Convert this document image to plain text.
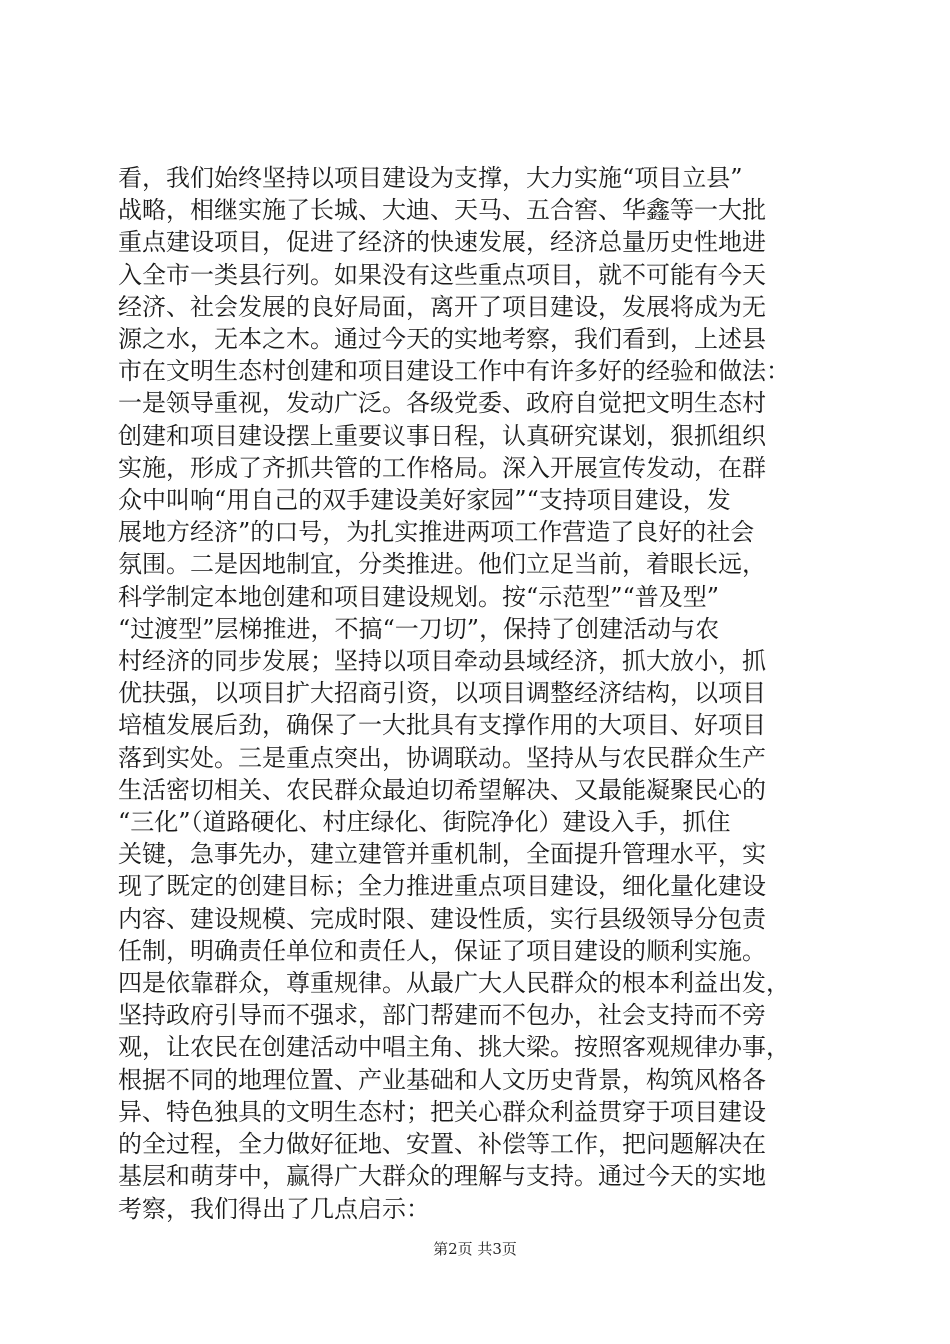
看，我们始终坚持以项目建设为支撑，大力实施“项目立县”
战略，相继实施了长城、大迪、天马、五合窖、华鑫等一大批
重点建设项目，促进了经济的快速发展，经济总量历史性地进
入全市一类县行列。如果没有这些重点项目，就不可能有今天
经济、社会发展的良好局面，离开了项目建设，发展将成为无
源之水，无本之木。通过今天的实地考察，我们看到，上述县
市在文明生态村创建和项目建设工作中有许多好的经验和做法：
一是领导重视，发动广泛。各级党委、政府自觉把文明生态村
创建和项目建设摆上重要议事日程，认真研究谋划，狠抓组织
实施，形成了齐抓共管的工作格局。深入开展宣传发动，在群
众中叫响“用自己的双手建设美好家园”“支持项目建设，发
展地方经济”的口号，为扎实推进两项工作营造了良好的社会
氛围。二是因地制宜，分类推进。他们立足当前，着眼长远，
科学制定本地创建和项目建设规划。按“示范型”“普及型”
“过渡型”层梯推进，不搞“一刀切”，保持了创建活动与农
村经济的同步发展；坚持以项目牵动县域经济，抓大放小，抓
优扶强，以项目扩大招商引资，以项目调整经济结构，以项目
培植发展后劲，确保了一大批具有支撑作用的大项目、好项目
落到实处。三是重点突出，协调联动。坚持从与农民群众生产
生活密切相关、农民群众最迫切希望解决、又最能凝聚民心的
“三化”（道路硬化、村庄绿化、街院净化）建设入手，抓住
关键，急事先办，建立建管并重机制，全面提升管理水平，实
现了既定的创建目标；全力推进重点项目建设，细化量化建设
内容、建设规模、完成时限、建设性质，实行县级领导分包责
任制，明确责任单位和责任人，保证了项目建设的顺利实施。
四是依靠群众，尊重规律。从最广大人民群众的根本利益出发，
坚持政府引导而不强求，部门帮建而不包办，社会支持而不旁
观，让农民在创建活动中唱主角、挑大梁。按照客观规律办事，
根据不同的地理位置、产业基础和人文历史背景，构筑风格各
异、特色独具的文明生态村；把关心群众利益贯穿于项目建设
的全过程，全力做好征地、安置、补偿等工作，把问题解决在
基层和萌芽中，赢得广大群众的理解与支持。通过今天的实地
考察，我们得出了几点启示：

第2页 共3页
